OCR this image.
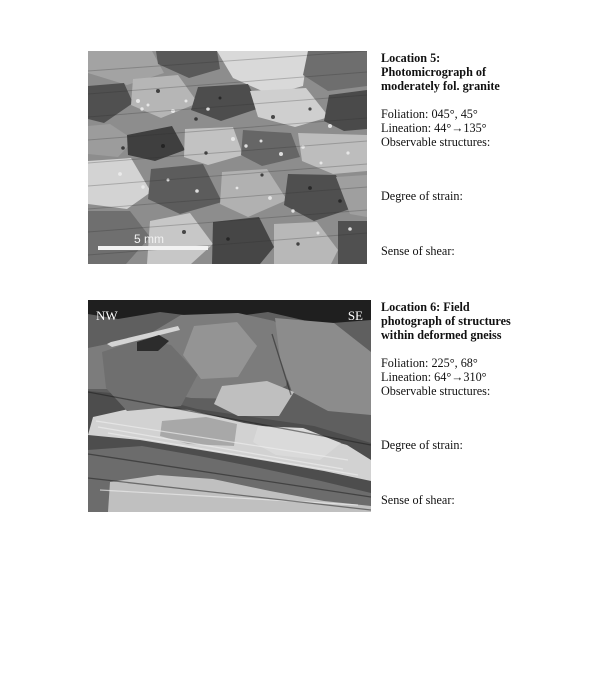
5 mm
Location 5: Photomicrograph of moderately fol. granite
Foliation: 045°, 45°
Lineation: 44°→135°
Observable structures:
Degree of strain:
Sense of shear:
NW	SE
Location 6: Field photograph of structures within deformed gneiss
Foliation: 225°, 68°
Lineation: 64°→310°
Observable structures:
Degree of strain:
Sense of shear:
